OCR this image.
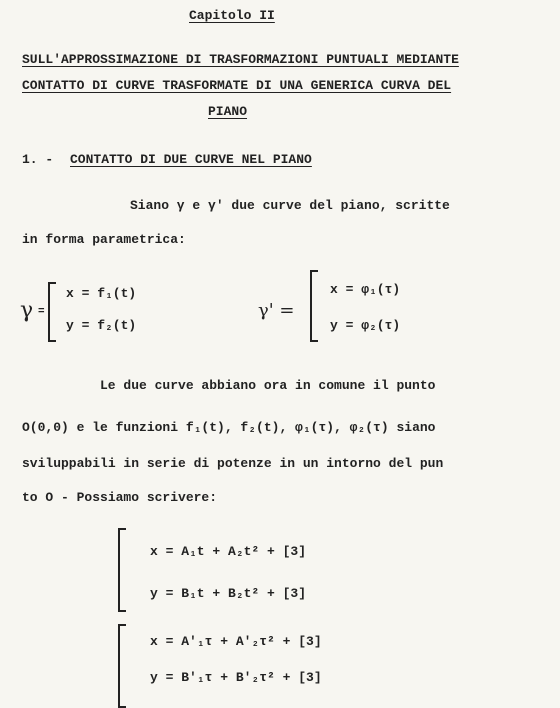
Capitolo II
SULL'APPROSSIMAZIONE DI TRASFORMAZIONI PUNTUALI MEDIANTE
CONTATTO DI CURVE TRASFORMATE DI UNA GENERICA CURVA DEL
PIANO
1. - CONTATTO DI DUE CURVE NEL PIANO
Siano γ e γ' due curve del piano, scritte
in forma parametrica:
γ =
x = f₁(t)
y = f₂(t)
γ' =
x = φ₁(τ)
y = φ₂(τ)
Le due curve abbiano ora in comune il punto
O(0,0) e le funzioni f₁(t), f₂(t), φ₁(τ), φ₂(τ) siano
sviluppabili in serie di potenze in un intorno del pun
to O - Possiamo scrivere:
x = A₁t + A₂t² + [3]
y = B₁t + B₂t² + [3]
x = A'₁τ + A'₂τ² + [3]
y = B'₁τ + B'₂τ² + [3]
